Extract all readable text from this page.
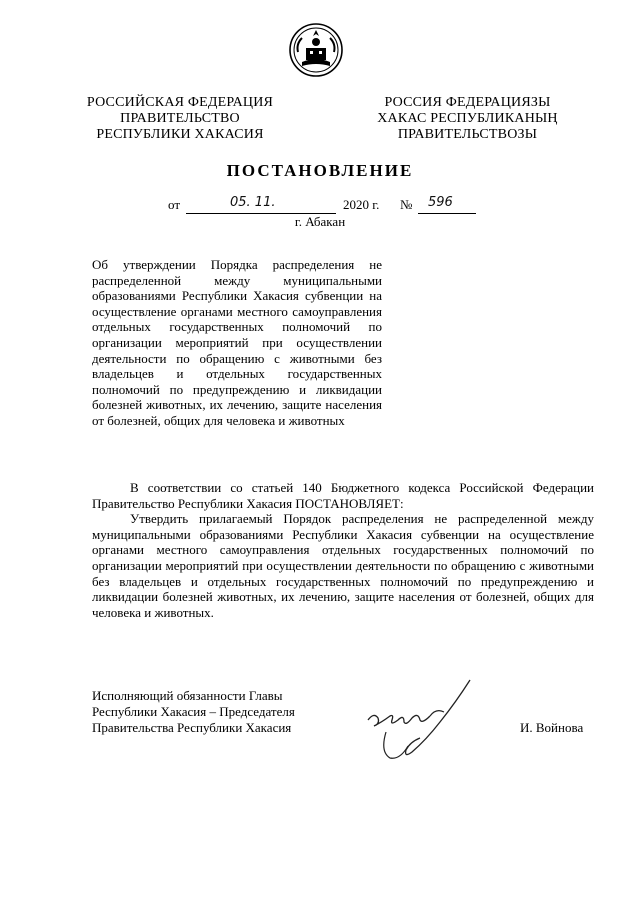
РОССИЙСКАЯ ФЕДЕРАЦИЯ
ПРАВИТЕЛЬСТВО
РЕСПУБЛИКИ ХАКАСИЯ
РОССИЯ ФЕДЕРАЦИЯЗЫ
ХАКАС РЕСПУБЛИКАНЫҢ
ПРАВИТЕЛЬСТВОЗЫ
ПОСТАНОВЛЕНИЕ
от	05. 11.	2020 г. № 596
г. Абакан
Об утверждении Порядка распределения не распределенной между муниципальными образованиями Республики Хакасия субвенции на осуществление органами местного самоуправления отдельных государственных полномочий по организации мероприятий при осуществлении деятельности по обращению с животными без владельцев и отдельных государственных полномочий по предупреждению и ликвидации болезней животных, их лечению, защите населения от болезней, общих для человека и животных

В соответствии со статьей 140 Бюджетного кодекса Российской Федерации Правительство Республики Хакасия ПОСТАНОВЛЯЕТ:

Утвердить прилагаемый Порядок распределения не распределенной между муниципальными образованиями Республики Хакасия субвенции на осуществление органами местного самоуправления отдельных государственных полномочий по организации мероприятий при осуществлении деятельности по обращению с животными без владельцев и отдельных государственных полномочий по предупреждению и ликвидации болезней животных, их лечению, защите населения от болезней, общих для человека и животных.

Исполняющий обязанности Главы
Республики Хакасия – Председателя
Правительства Республики Хакасия	И. Войнова
